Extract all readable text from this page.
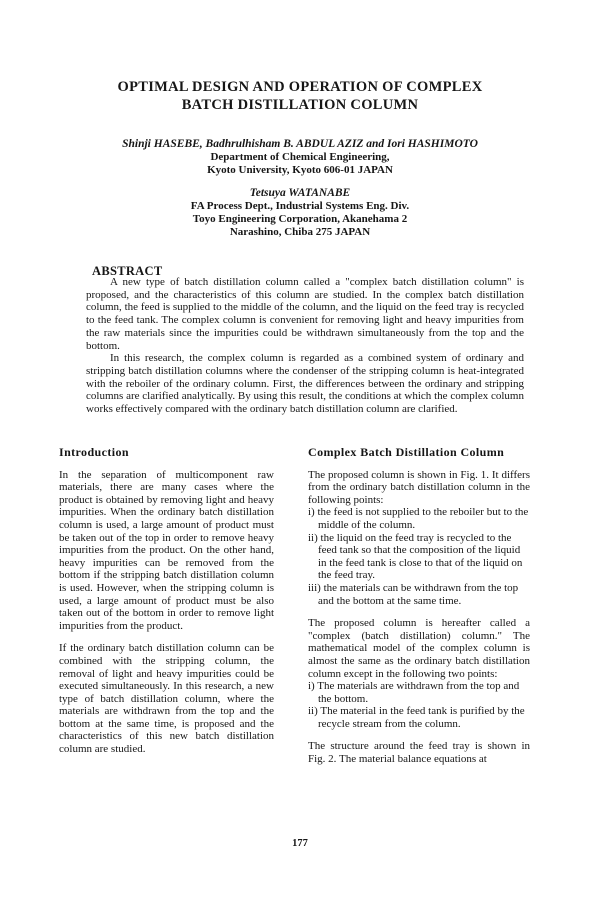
OPTIMAL DESIGN AND OPERATION OF COMPLEX
BATCH DISTILLATION COLUMN
Shinji HASEBE, Badhrulhisham B. ABDUL AZIZ and Iori HASHIMOTO
Department of Chemical Engineering,
Kyoto University, Kyoto 606-01 JAPAN
Tetsuya WATANABE
FA Process Dept., Industrial Systems Eng. Div.
Toyo Engineering Corporation, Akanehama 2
Narashino, Chiba 275 JAPAN
ABSTRACT

A new type of batch distillation column called a "complex batch distillation column" is proposed, and the characteristics of this column are studied. In the complex batch distillation column, the feed is supplied to the middle of the column, and the liquid on the feed tray is recycled to the feed tank. The complex column is convenient for removing light and heavy impurities from the raw materials since the impurities could be withdrawn simultaneously from the top and the bottom.

In this research, the complex column is regarded as a combined system of ordinary and stripping batch distillation columns where the condenser of the stripping column is heat-integrated with the reboiler of the ordinary column. First, the differences between the ordinary and stripping columns are clarified analytically. By using this result, the conditions at which the complex column works effectively compared with the ordinary batch distillation column are clarified.

Introduction

In the separation of multicomponent raw materials, there are many cases where the product is obtained by removing light and heavy impurities. When the ordinary batch distillation column is used, a large amount of product must be taken out of the top in order to remove heavy impurities from the product. On the other hand, heavy impurities can be removed from the bottom if the stripping batch distillation column is used. However, when the stripping column is used, a large amount of product must be also taken out of the bottom in order to remove light impurities from the product.

If the ordinary batch distillation column can be combined with the stripping column, the removal of light and heavy impurities could be executed simultaneously. In this research, a new type of batch distillation column, where the materials are withdrawn from the top and the bottom at the same time, is proposed and the characteristics of this new batch distillation column are studied.

Complex Batch Distillation Column

The proposed column is shown in Fig. 1. It differs from the ordinary batch distillation column in the following points:

i) the feed is not supplied to the reboiler but to the middle of the column.
ii) the liquid on the feed tray is recycled to the feed tank so that the composition of the liquid in the feed tank is close to that of the liquid on the feed tray.
iii) the materials can be withdrawn from the top and the bottom at the same time.

The proposed column is hereafter called a "complex (batch distillation) column." The mathematical model of the complex column is almost the same as the ordinary batch distillation column except in the following two points:

i) The materials are withdrawn from the top and the bottom.
ii) The material in the feed tank is purified by the recycle stream from the column.

The structure around the feed tray is shown in Fig. 2. The material balance equations at

177
